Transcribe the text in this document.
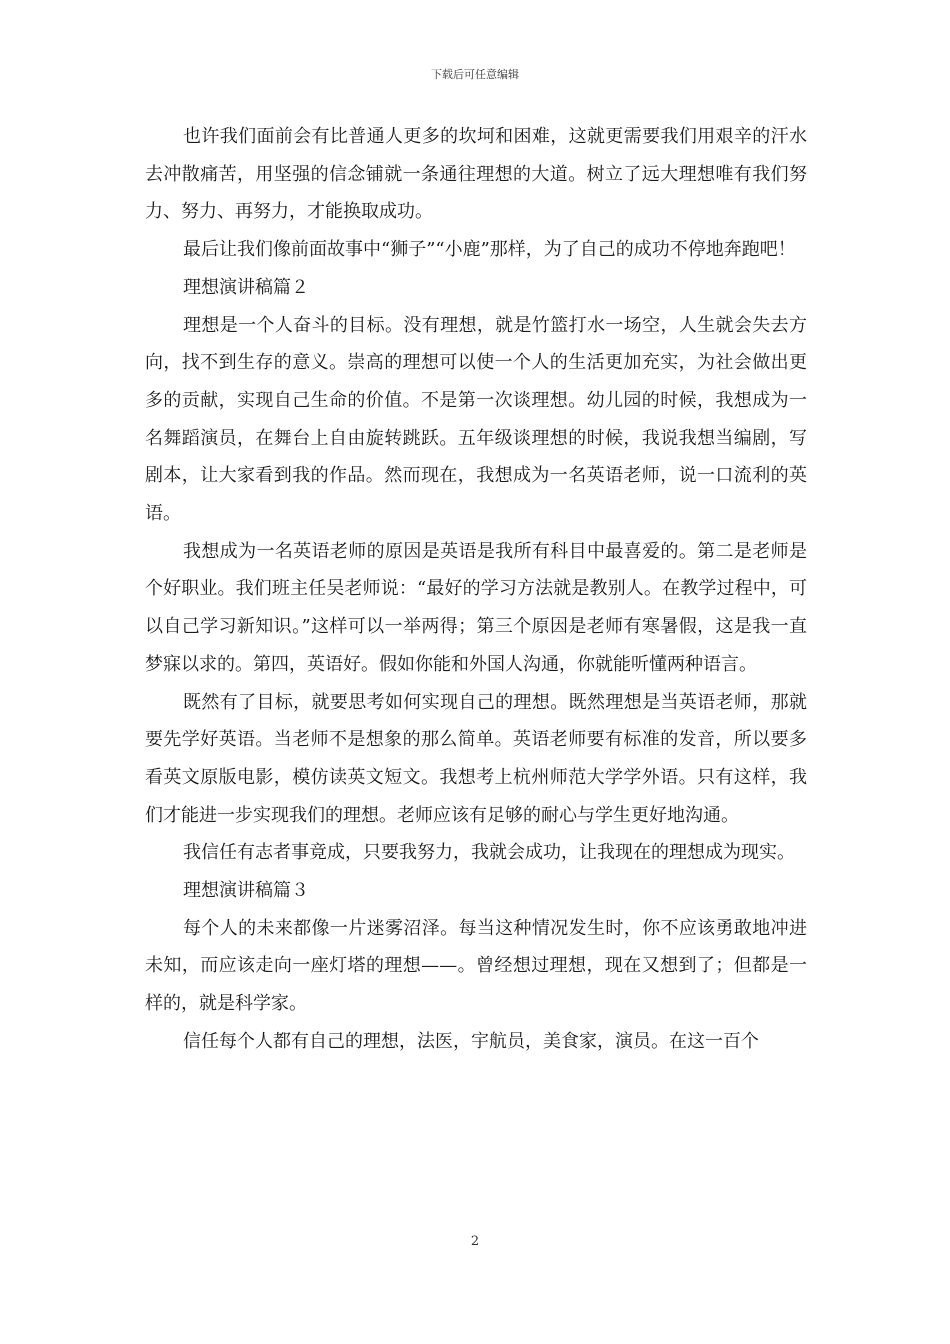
下载后可任意编辑

也许我们面前会有比普通人更多的坎坷和困难，这就更需要我们用艰辛的汗水去冲散痛苦，用坚强的信念铺就一条通往理想的大道。树立了远大理想唯有我们努力、努力、再努力，才能换取成功。

最后让我们像前面故事中“狮子”“小鹿”那样，为了自己的成功不停地奔跑吧！

理想演讲稿篇２

理想是一个人奋斗的目标。没有理想，就是竹篮打水一场空，人生就会失去方向，找不到生存的意义。崇高的理想可以使一个人的生活更加充实，为社会做出更多的贡献，实现自己生命的价值。不是第一次谈理想。幼儿园的时候，我想成为一名舞蹈演员，在舞台上自由旋转跳跃。五年级谈理想的时候，我说我想当编剧，写剧本，让大家看到我的作品。然而现在，我想成为一名英语老师，说一口流利的英语。

我想成为一名英语老师的原因是英语是我所有科目中最喜爱的。第二是老师是个好职业。我们班主任吴老师说：“最好的学习方法就是教别人。在教学过程中，可以自己学习新知识。”这样可以一举两得；第三个原因是老师有寒暑假，这是我一直梦寐以求的。第四，英语好。假如你能和外国人沟通，你就能听懂两种语言。

既然有了目标，就要思考如何实现自己的理想。既然理想是当英语老师，那就要先学好英语。当老师不是想象的那么简单。英语老师要有标准的发音，所以要多看英文原版电影，模仿读英文短文。我想考上杭州师范大学学外语。只有这样，我们才能进一步实现我们的理想。老师应该有足够的耐心与学生更好地沟通。

我信任有志者事竟成，只要我努力，我就会成功，让我现在的理想成为现实。

理想演讲稿篇３

每个人的未来都像一片迷雾沼泽。每当这种情况发生时，你不应该勇敢地冲进未知，而应该走向一座灯塔的理想——。曾经想过理想，现在又想到了；但都是一样的，就是科学家。

信任每个人都有自己的理想，法医，宇航员，美食家，演员。在这一百个

2
